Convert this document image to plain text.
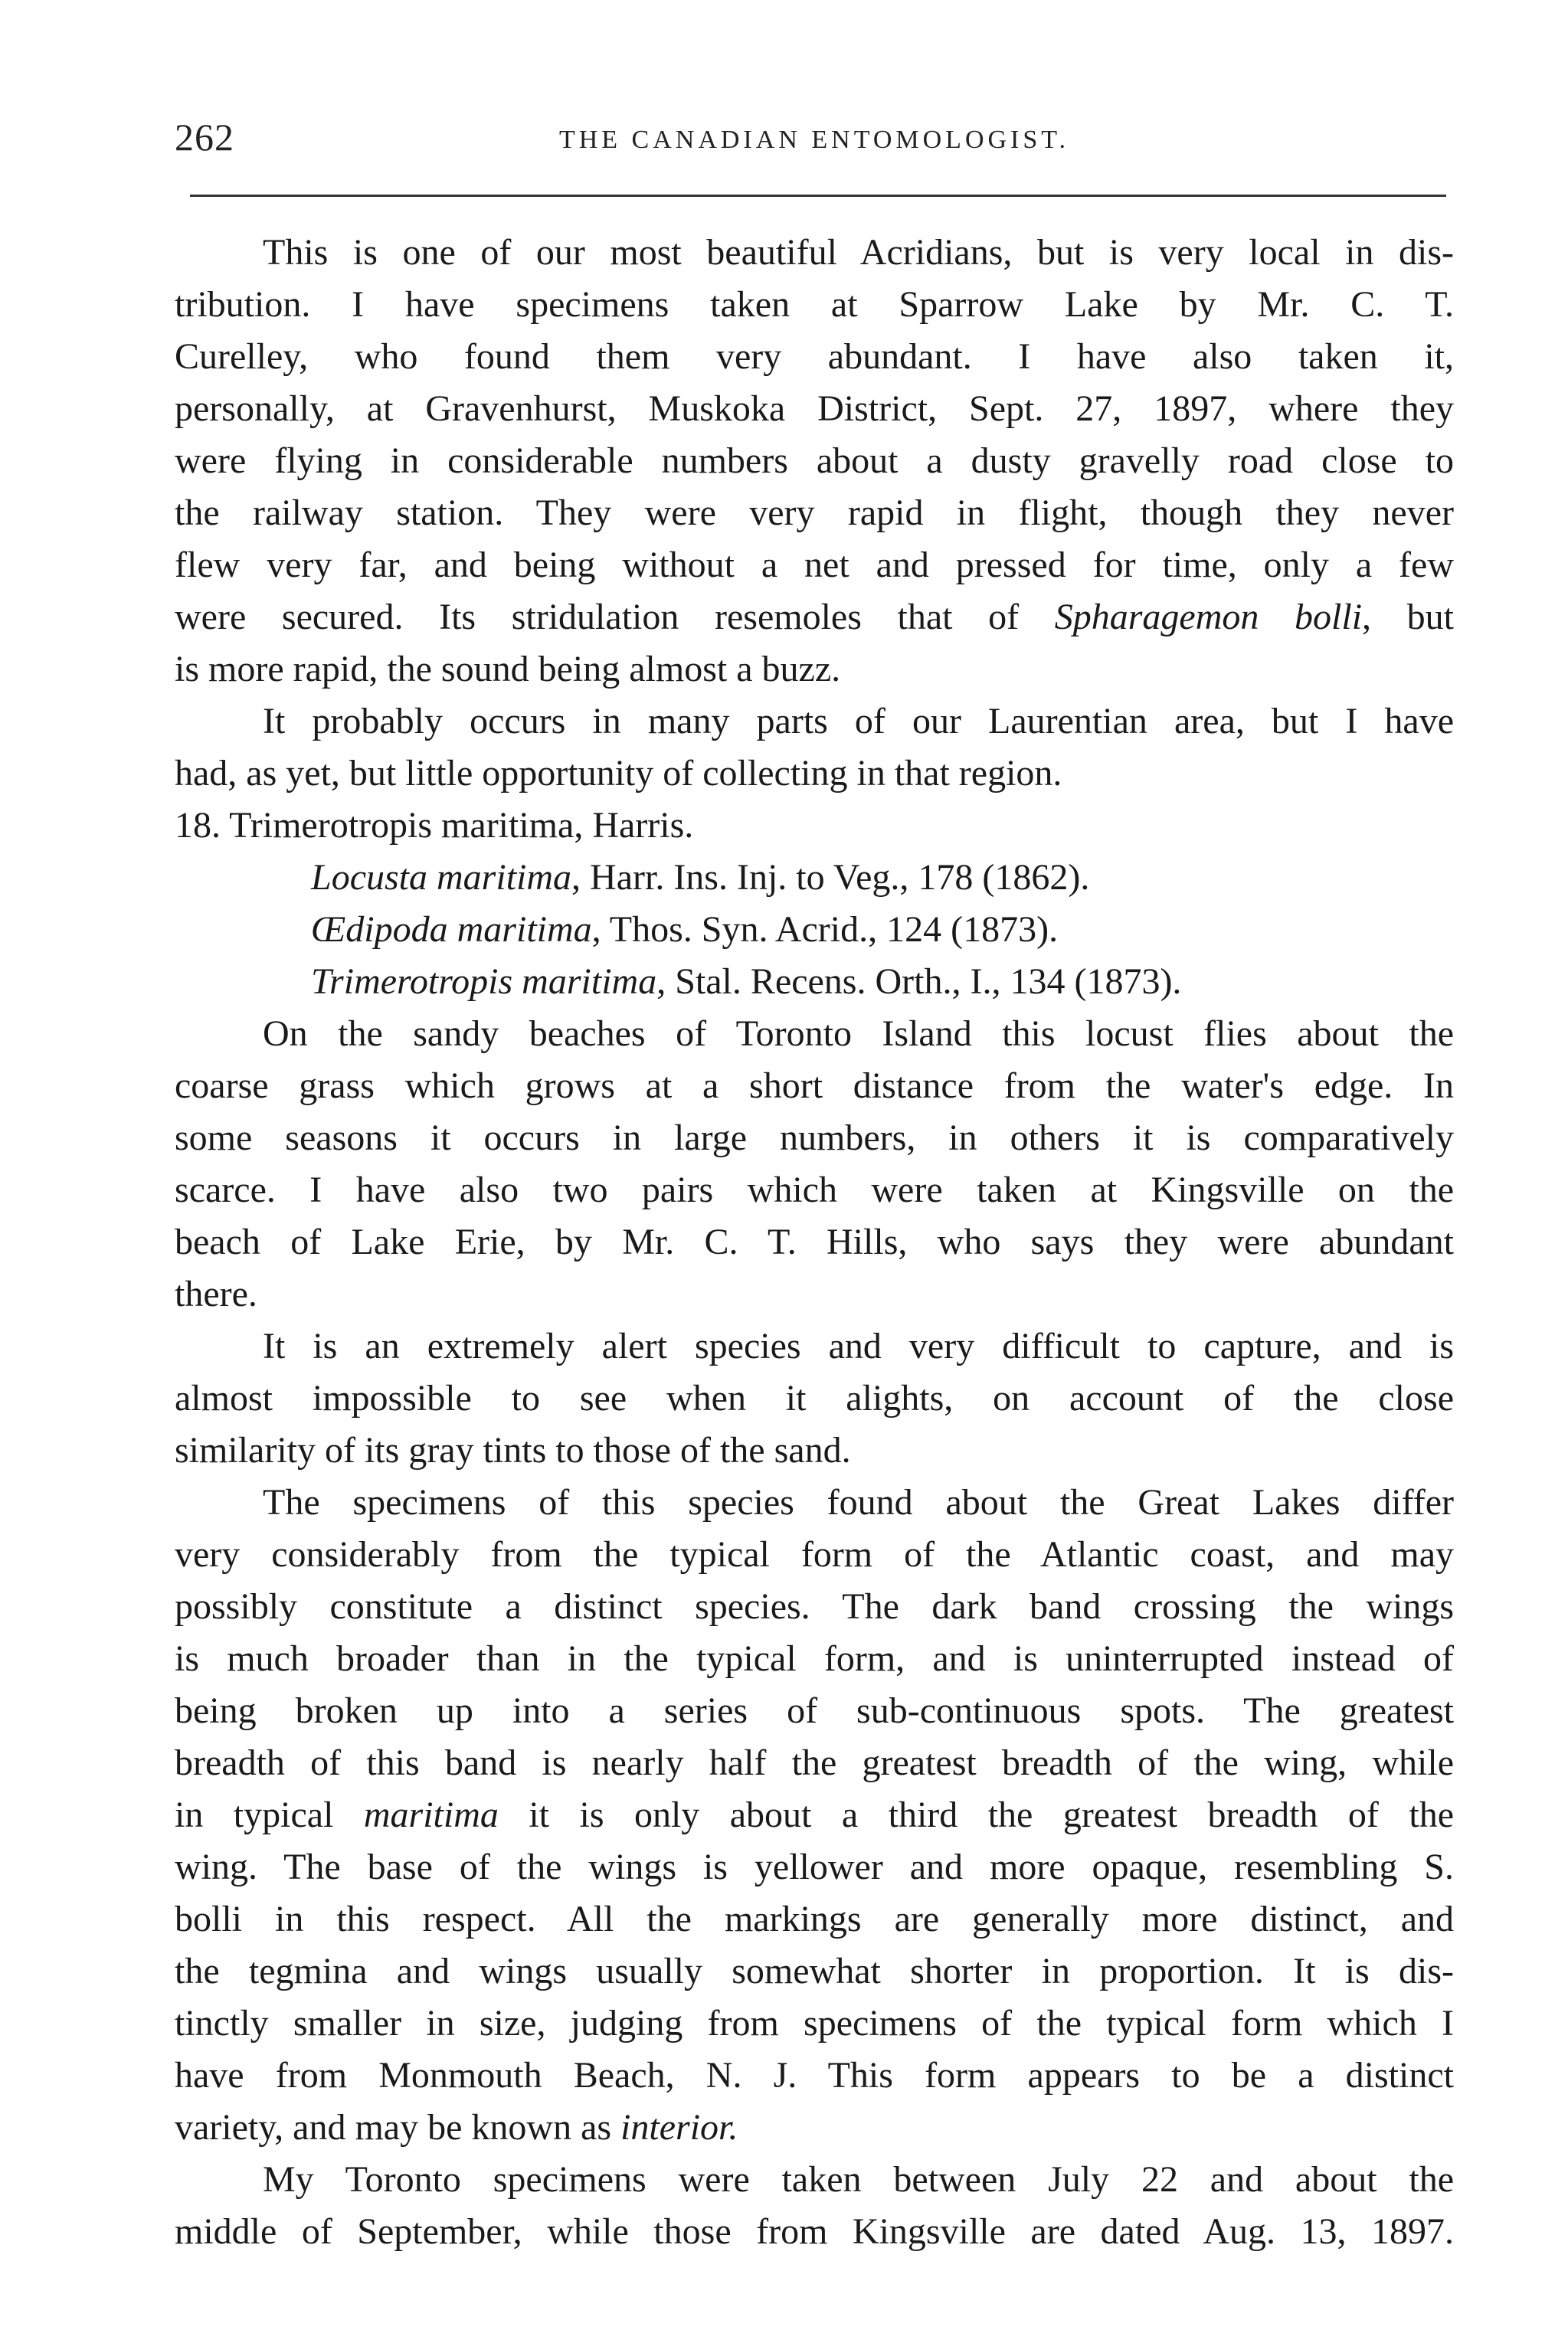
262	THE CANADIAN ENTOMOLOGIST.
This is one of our most beautiful Acridians, but is very local in dis-
tribution. I have specimens taken at Sparrow Lake by Mr. C. T.
Curelley, who found them very abundant. I have also taken it,
personally, at Gravenhurst, Muskoka District, Sept. 27, 1897, where they
were flying in considerable numbers about a dusty gravelly road close to
the railway station. They were very rapid in flight, though they never
flew very far, and being without a net and pressed for time, only a few
were secured. Its stridulation resemoles that of Spharagemon bolli, but
is more rapid, the sound being almost a buzz.
It probably occurs in many parts of our Laurentian area, but I have
had, as yet, but little opportunity of collecting in that region.
18. Trimerotropis maritima, Harris.
Locusta maritima, Harr. Ins. Inj. to Veg., 178 (1862).
Œdipoda maritima, Thos. Syn. Acrid., 124 (1873).
Trimerotropis maritima, Stal. Recens. Orth., I., 134 (1873).
On the sandy beaches of Toronto Island this locust flies about the
coarse grass which grows at a short distance from the water's edge. In
some seasons it occurs in large numbers, in others it is comparatively
scarce. I have also two pairs which were taken at Kingsville on the
beach of Lake Erie, by Mr. C. T. Hills, who says they were abundant
there.
It is an extremely alert species and very difficult to capture, and is
almost impossible to see when it alights, on account of the close
similarity of its gray tints to those of the sand.
The specimens of this species found about the Great Lakes differ
very considerably from the typical form of the Atlantic coast, and may
possibly constitute a distinct species. The dark band crossing the wings
is much broader than in the typical form, and is uninterrupted instead of
being broken up into a series of sub-continuous spots. The greatest
breadth of this band is nearly half the greatest breadth of the wing, while
in typical maritima it is only about a third the greatest breadth of the
wing. The base of the wings is yellower and more opaque, resembling S.
bolli in this respect. All the markings are generally more distinct, and
the tegmina and wings usually somewhat shorter in proportion. It is dis-
tinctly smaller in size, judging from specimens of the typical form which I
have from Monmouth Beach, N. J. This form appears to be a distinct
variety, and may be known as interior.
My Toronto specimens were taken between July 22 and about the
middle of September, while those from Kingsville are dated Aug. 13, 1897.
